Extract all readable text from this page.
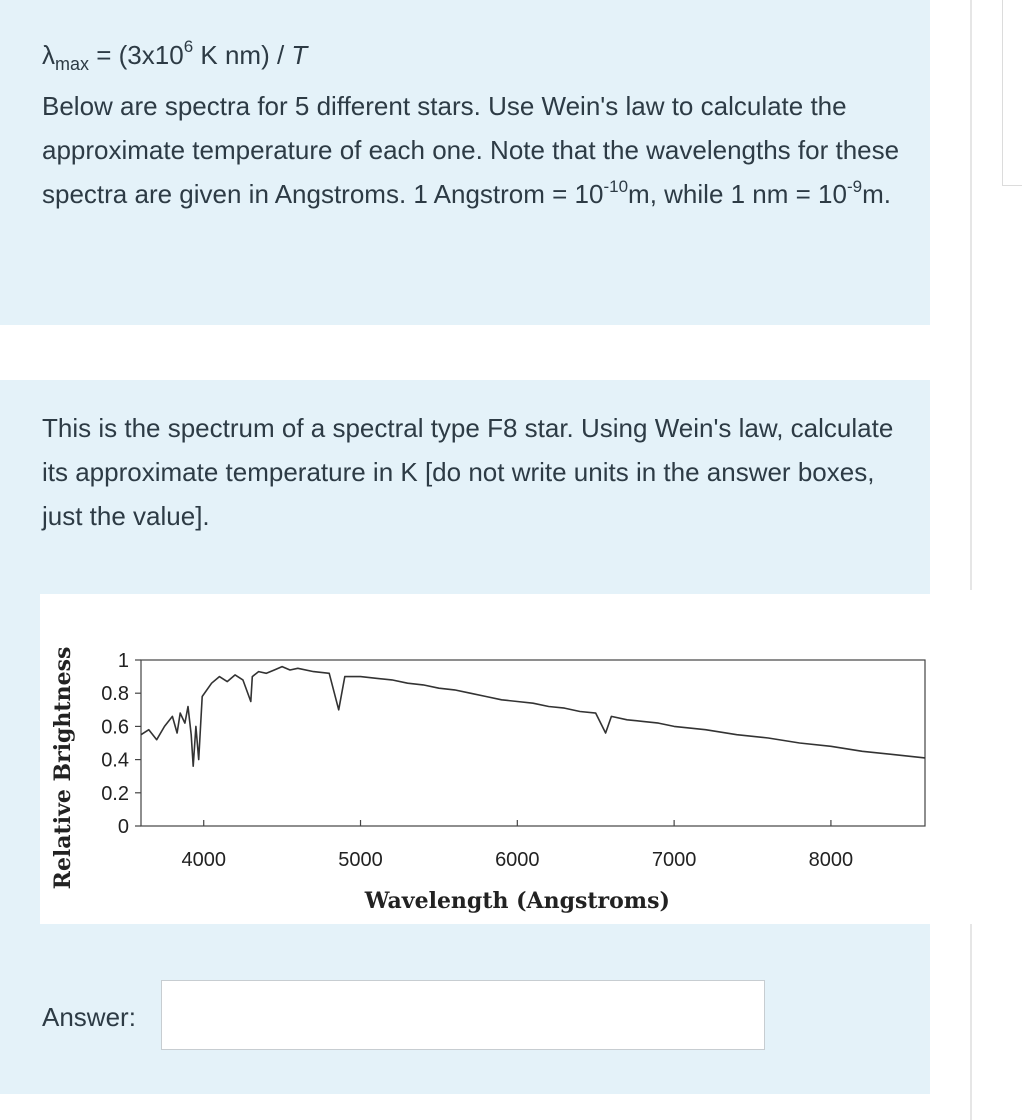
$\lambda_{max} = (3x10^6$ K nm) / T
Below are spectra for 5 different stars. Use Wein's law to calculate the approximate temperature of each one. Note that the wavelengths for these spectra are given in Angstroms. 1 Angstrom = $10^{-10}m$, while 1 nm = $10^{-9}m$.
This is the spectrum of a spectral type F8 star. Using Wein's law, calculate its approximate temperature in K [do not write units in the answer boxes, just the value].
0
0.2
0.4
0.6
0.8
1
4000	5000	6000	7000	8000
Wavelength (Angstroms)
Relative Brightness
Answer:
